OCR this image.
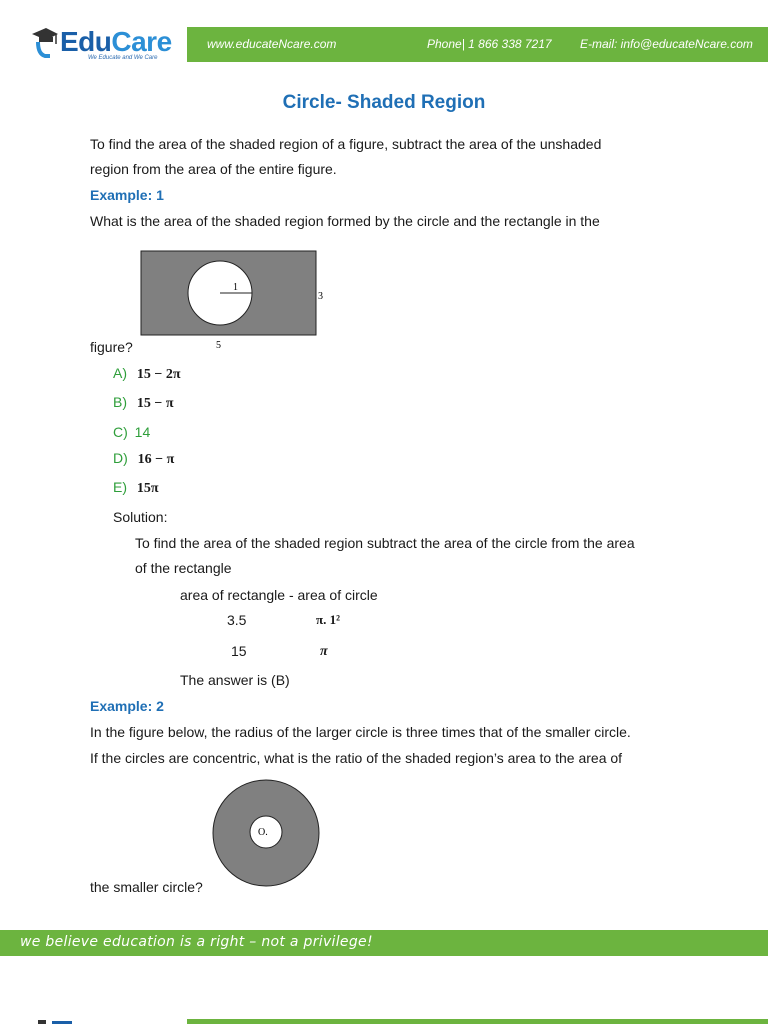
EduCare
We Educate and We Care
www.educateNcare.com	Phone| 1 866 338 7217 E-mail: info@educateNcare.com
Circle- Shaded Region
To find the area of the shaded region of a figure, subtract the area of the unshaded
region from the area of the entire figure.
Example: 1
What is the area of the shaded region formed by the circle and the rectangle in the
1
3
5
figure?
A) 15 − 2π
B) 15 − π
C) 14
D) 16 − π
E) 15π
Solution:
To find the area of the shaded region subtract the area of the circle from the area
of the rectangle
area of rectangle - area of circle
3.5	π. 1²
15	π
The answer is (B)
Example: 2
In the figure below, the radius of the larger circle is three times that of the smaller circle.
If the circles are concentric, what is the ratio of the shaded region’s area to the area of
O.
the smaller circle?
we believe education is a right – not a privilege!
